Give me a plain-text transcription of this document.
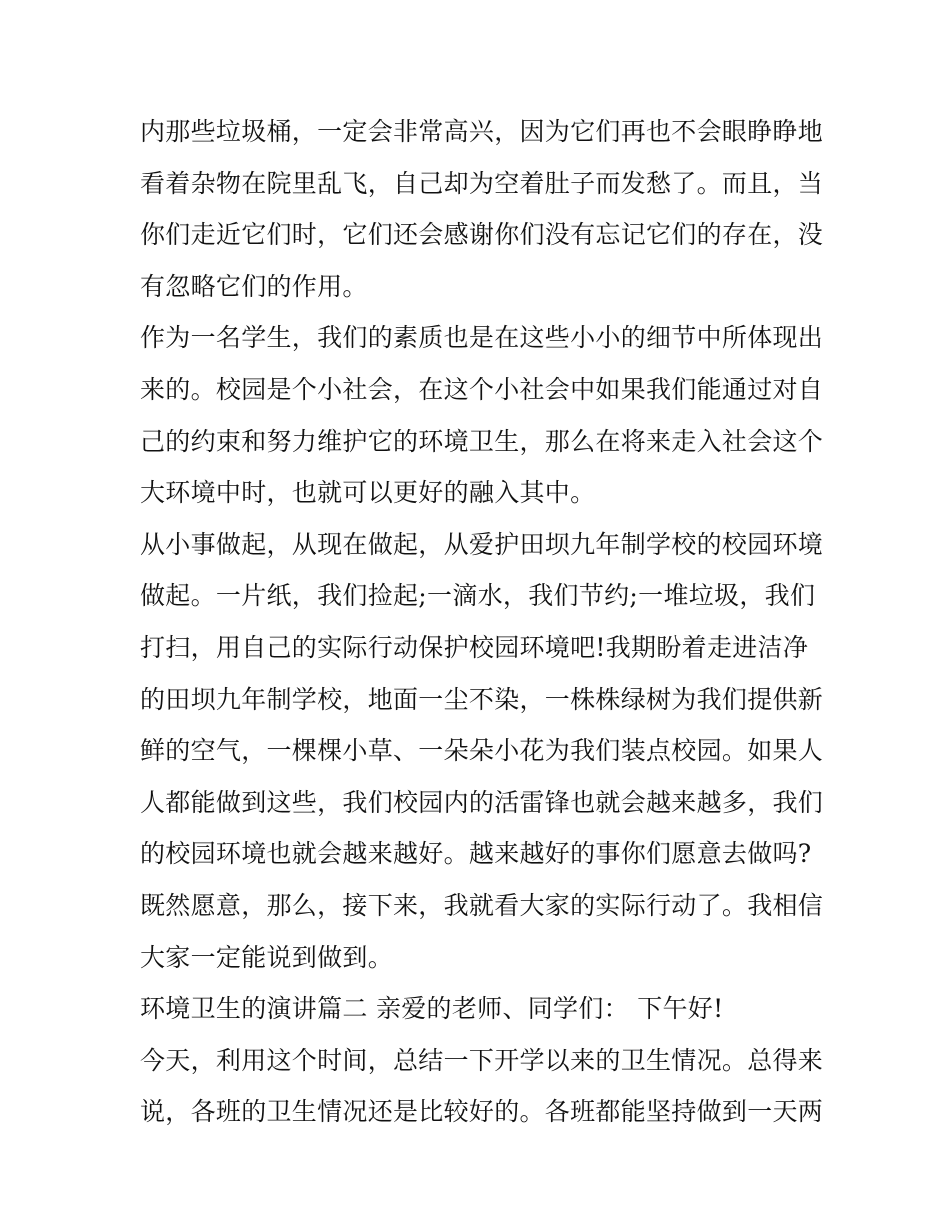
内那些垃圾桶，一定会非常高兴，因为它们再也不会眼睁睁地
看着杂物在院里乱飞，自己却为空着肚子而发愁了。而且，当
你们走近它们时，它们还会感谢你们没有忘记它们的存在，没
有忽略它们的作用。
作为一名学生，我们的素质也是在这些小小的细节中所体现出
来的。校园是个小社会，在这个小社会中如果我们能通过对自
己的约束和努力维护它的环境卫生，那么在将来走入社会这个
大环境中时，也就可以更好的融入其中。
从小事做起，从现在做起，从爱护田坝九年制学校的校园环境
做起。一片纸，我们捡起;一滴水，我们节约;一堆垃圾，我们
打扫，用自己的实际行动保护校园环境吧!我期盼着走进洁净
的田坝九年制学校，地面一尘不染，一株株绿树为我们提供新
鲜的空气，一棵棵小草、一朵朵小花为我们装点校园。如果人
人都能做到这些，我们校园内的活雷锋也就会越来越多，我们
的校园环境也就会越来越好。越来越好的事你们愿意去做吗?
既然愿意，那么，接下来，我就看大家的实际行动了。我相信
大家一定能说到做到。
环境卫生的演讲篇二 亲爱的老师、同学们： 下午好!
今天，利用这个时间，总结一下开学以来的卫生情况。总得来
说，各班的卫生情况还是比较好的。各班都能坚持做到一天两
